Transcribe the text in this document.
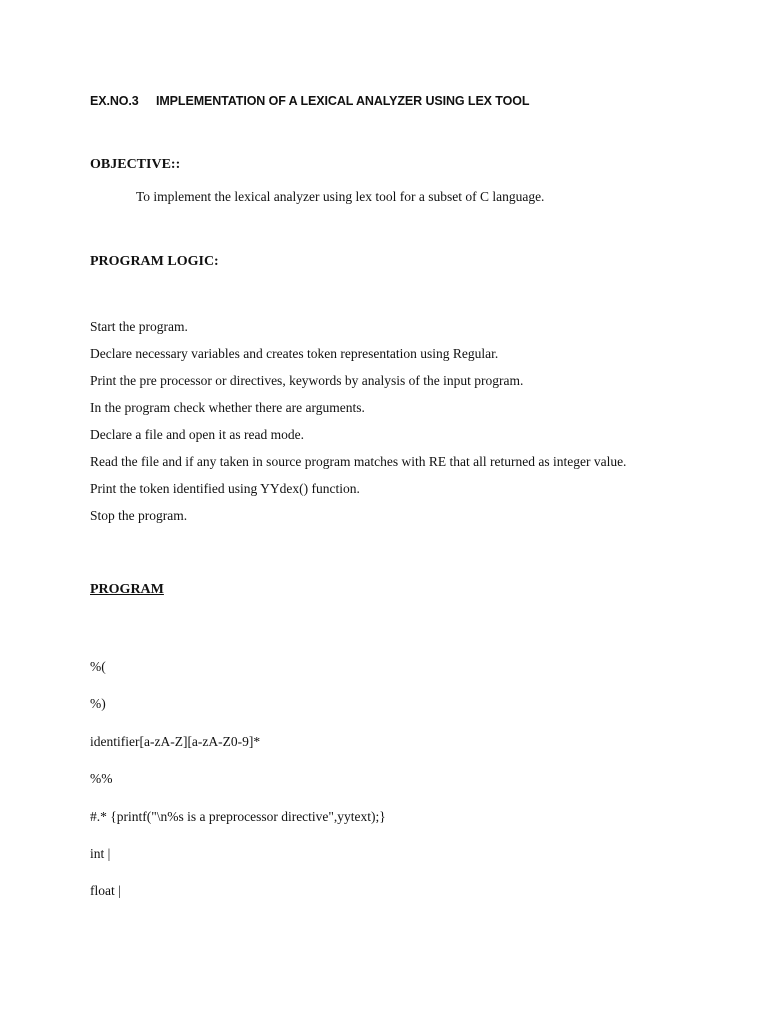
EX.NO.3 IMPLEMENTATION OF A LEXICAL ANALYZER USING LEX TOOL
OBJECTIVE::
To implement the lexical analyzer using lex tool for a subset of C language.
PROGRAM LOGIC:
Start the program.
Declare necessary variables and creates token representation using Regular.
Print the pre processor or directives, keywords by analysis of the input program.
In the program check whether there are arguments.
Declare a file and open it as read mode.
Read the file and if any taken in source program matches with RE that all returned as integer value.
Print the token identified using YYdex() function.
Stop the program.
PROGRAM
%(
%)
identifier[a-zA-Z][a-zA-Z0-9]*
%%
#.* {printf("\n%s is a preprocessor directive",yytext);}
int |
float |
